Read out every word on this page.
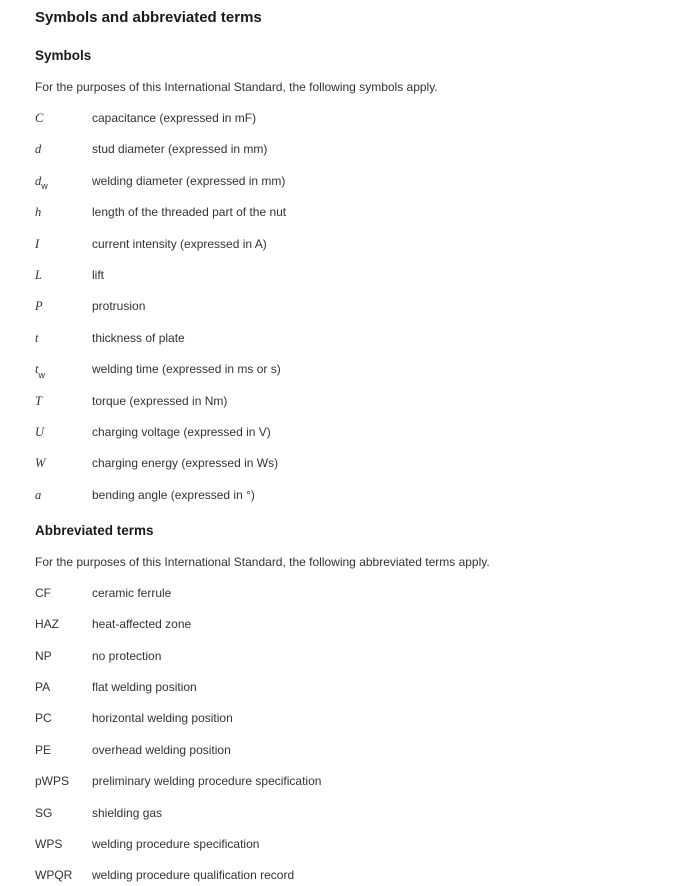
Symbols and abbreviated terms
Symbols

For the purposes of this International Standard, the following symbols apply.

C	capacitance (expressed in mF)
d	stud diameter (expressed in mm)
$d_w$	welding diameter (expressed in mm)
h	length of the threaded part of the nut
I	current intensity (expressed in A)
L	lift
P	protrusion
t	thickness of plate
$t_w$	welding time (expressed in ms or s)
T	torque (expressed in Nm)
U	charging voltage (expressed in V)
W	charging energy (expressed in Ws)
a	bending angle (expressed in °)
Abbreviated terms

For the purposes of this International Standard, the following abbreviated terms apply.

CF	ceramic ferrule
HAZ	heat-affected zone
NP	no protection
PA	flat welding position
PC	horizontal welding position
PE	overhead welding position
pWPS	preliminary welding procedure specification
SG	shielding gas
WPS	welding procedure specification
WPQR	welding procedure qualification record
